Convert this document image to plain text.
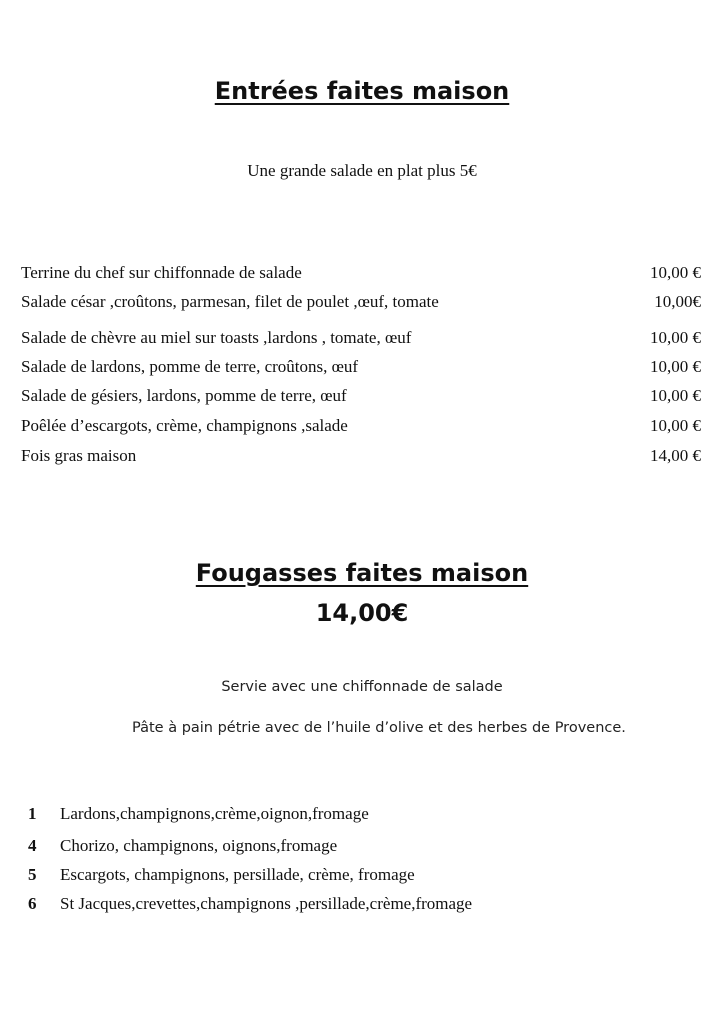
Entrées faites maison
Une grande salade en plat plus 5€
Terrine du chef sur chiffonnade de salade	10,00 €
Salade césar ,croûtons, parmesan, filet de poulet ,œuf, tomate	10,00€
Salade de chèvre au miel sur toasts ,lardons , tomate, œuf	10,00 €
Salade de lardons, pomme de terre, croûtons, œuf	10,00 €
Salade de gésiers, lardons, pomme de terre, œuf	10,00 €
Poêlée d’escargots, crème, champignons ,salade	10,00 €
Fois gras maison	14,00 €
Fougasses faites maison
14,00€
Servie avec une chiffonnade de salade
Pâte à pain pétrie avec de l’huile d’olive et des herbes de Provence.
1	Lardons,champignons,crème,oignon,fromage
4	Chorizo, champignons, oignons,fromage
5	Escargots, champignons, persillade, crème, fromage
6	St Jacques,crevettes,champignons ,persillade,crème,fromage
